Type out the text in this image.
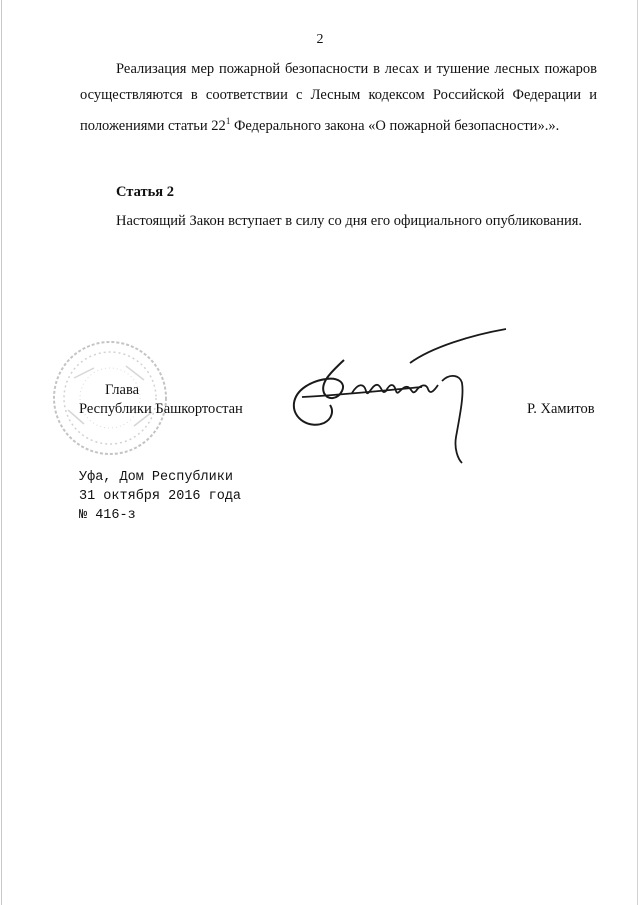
2
Реализация мер пожарной безопасности в лесах и тушение лесных пожаров осуществляются в соответствии с Лесным кодексом Российской Федерации и положениями статьи $22^1$ Федерального закона «О пожарной безопасности».».
Статья 2
Настоящий Закон вступает в силу со дня его официального опубликования.
Глава
Республики Башкортостан	Р. Хамитов
Уфа, Дом Республики
31 октября 2016 года
№ 416-з
